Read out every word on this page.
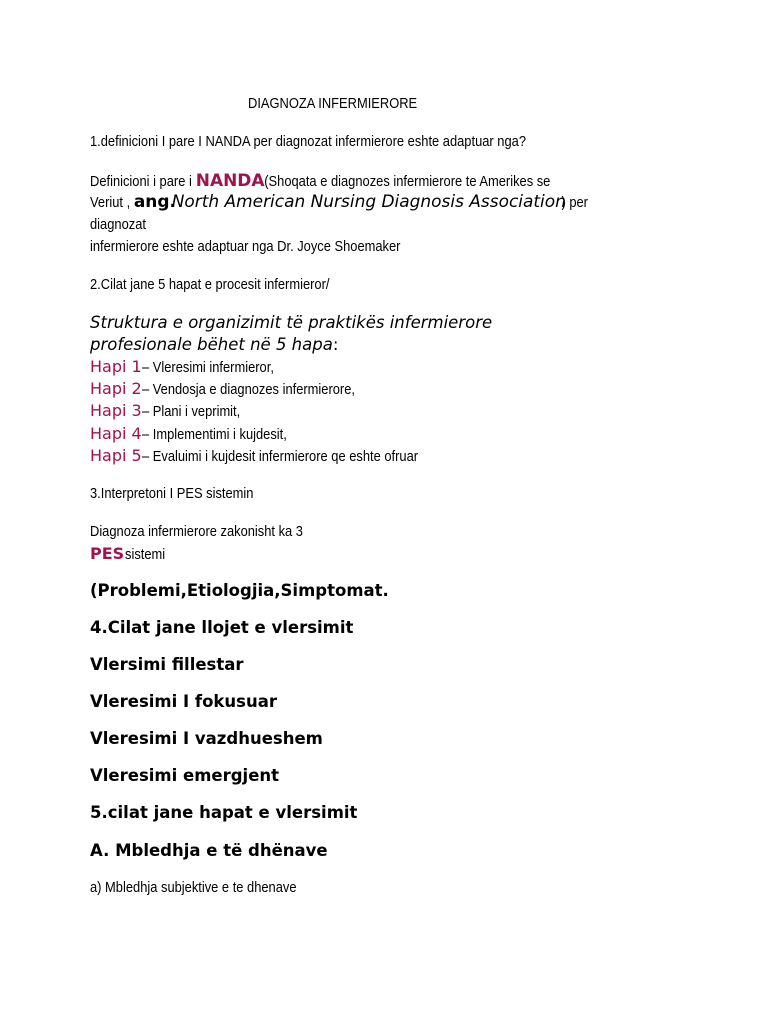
DIAGNOZA INFERMIERORE
1.definicioni I pare I NANDA per diagnozat infermierore eshte adaptuar nga?
Definicioni i pare i NANDA (Shoqata e diagnozes infermierore te Amerikes se
Veriut , ang.North American Nursing Diagnosis Association) per
diagnozat
infermierore eshte adaptuar nga Dr. Joyce Shoemaker
2.Cilat jane 5 hapat e procesit infermieror/
Struktura e organizimit të praktikës infermierore
profesionale bëhet në 5 hapa:
Hapi 1– Vleresimi infermieror,
Hapi 2– Vendosja e diagnozes infermierore,
Hapi 3– Plani i veprimit,
Hapi 4– Implementimi i kujdesit,
Hapi 5– Evaluimi i kujdesit infermierore qe eshte ofruar
3.Interpretoni I PES sistemin
Diagnoza infermierore zakonisht ka 3
PESsistemi
(Problemi,Etiologjia,Simptomat.
4.Cilat jane llojet e vlersimit
Vlersimi fillestar
Vleresimi I fokusuar
Vleresimi I vazdhueshem
Vleresimi emergjent
5.cilat jane hapat e vlersimit
A. Mbledhja e të dhënave
a) Mbledhja subjektive e te dhenave
